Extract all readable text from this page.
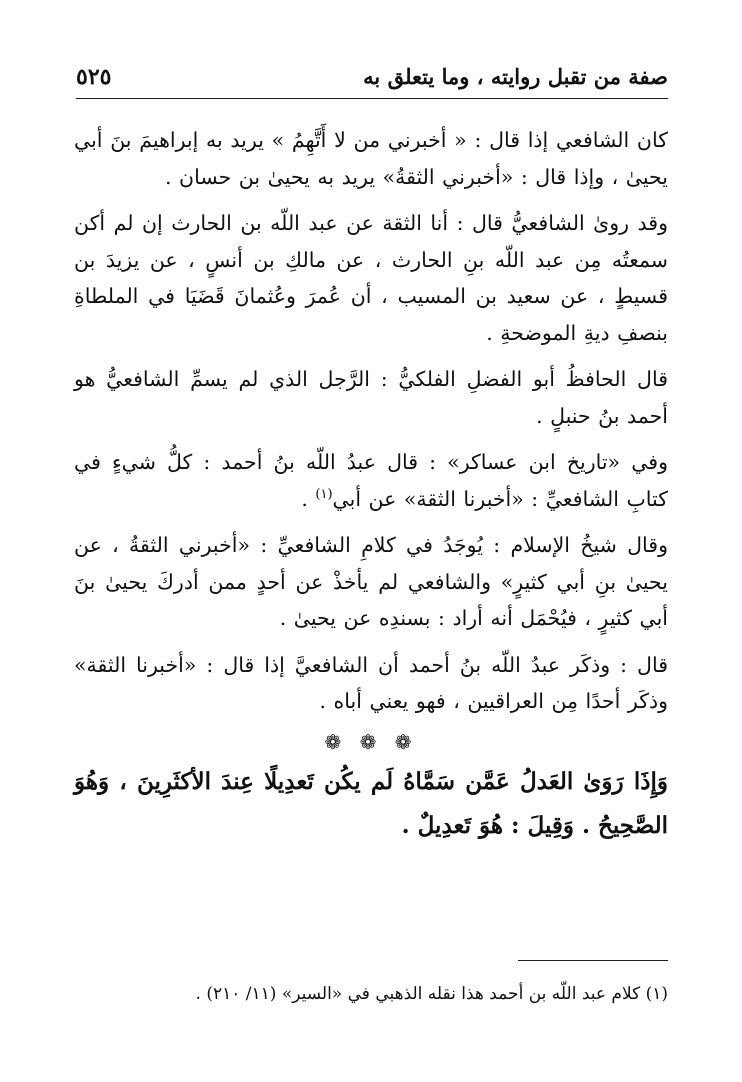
صفة من تقبل روايته ، وما يتعلق به
٥٢٥

كان الشافعي إذا قال : « أخبرني من لا أَتَّهِمُ » يريد به إبراهيمَ بنَ أبي يحيىٰ ، وإذا قال : «أخبرني الثقةُ» يريد به يحيىٰ بن حسان .

وقد روىٰ الشافعيُّ قال : أنا الثقة عن عبد اللّه بن الحارث إن لم أكن سمعتُه مِن عبد اللّه بنِ الحارث ، عن مالكِ بن أنسٍ ، عن يزيدَ بن قسيطٍ ، عن سعيد بن المسيب ، أن عُمرَ وعُثمانَ قَضَيَا في الملطاةِ بنصفِ ديةِ الموضحةِ .

قال الحافظُ أبو الفضلِ الفلكيُّ : الرَّجل الذي لم يسمِّ الشافعيُّ هو أحمد بنُ حنبلٍ .

وفي «تاريخ ابن عساكر» : قال عبدُ اللّه بنُ أحمد : كلُّ شيءٍ في كتابِ الشافعيِّ : «أخبرنا الثقة» عن أبي$^{(١)}$ .

وقال شيخُ الإسلام : يُوجَدُ في كلامِ الشافعيِّ : «أخبرني الثقةُ ، عن يحيىٰ بنِ أبي كثيرٍ» والشافعي لم يأخذْ عن أحدٍ ممن أدركَ يحيىٰ بنَ أبي كثيرٍ ، فيُحْمَل أنه أراد : بسندِه عن يحيىٰ .

قال : وذكَر عبدُ اللّه بنُ أحمد أن الشافعيَّ إذا قال : «أخبرنا الثقة» وذكَر أحدًا مِن العراقيين ، فهو يعني أباه .

❁ ❁ ❁

وَإِذَا رَوَىٰ العَدلُ عَمَّن سَمَّاهُ لَم يكُن تَعدِيلًا عِندَ الأكثَرِينَ ، وَهُوَ الصَّحِيحُ . وَقِيلَ : هُوَ تَعدِيلٌ .

(١) كلام عبد اللّه بن أحمد هذا نقله الذهبي في «السير» (١١/ ٢١٠) .
